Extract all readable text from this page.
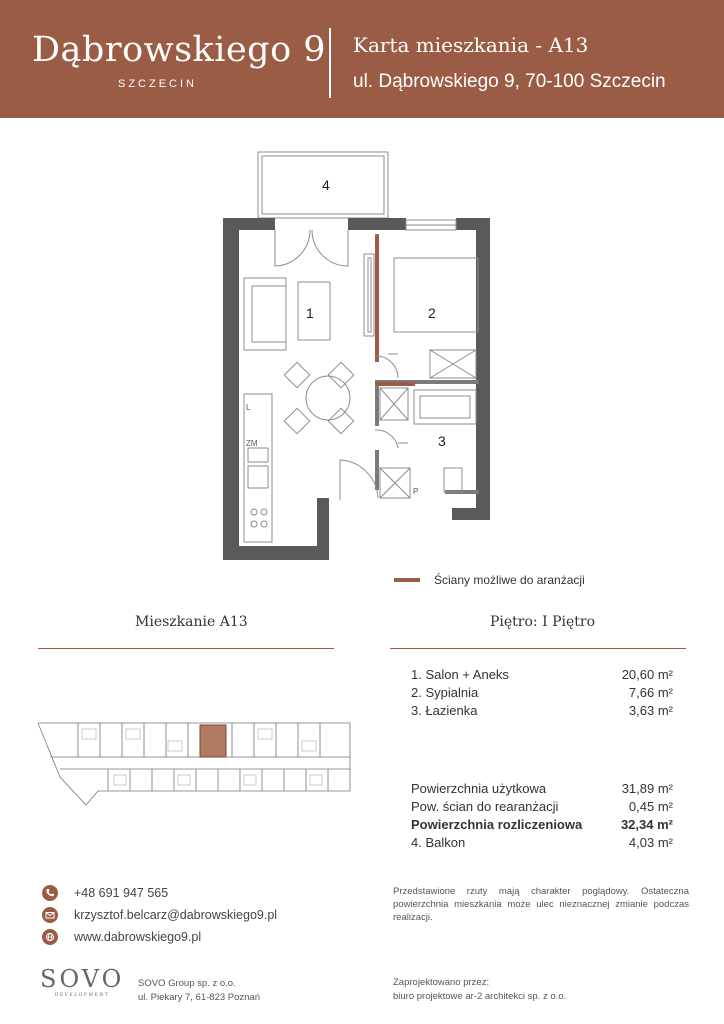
Dąbrowskiego 9
SZCZECIN
Karta mieszkania - A13
ul. Dąbrowskiego 9, 70-100 Szczecin
L
ZM
P
1	2
3
4
Ściany możliwe do aranżacji
Mieszkanie A13	Piętro: I Piętro
1. Salon + Aneks	20,60 m²
2. Sypialnia	7,66 m²
3. Łazienka	3,63 m²
Powierzchnia użytkowa	31,89 m²
Pow. ścian do rearanżacji	0,45 m²
Powierzchnia rozliczeniowa	32,34 m²
4. Balkon	4,03 m²
+48 691 947 565
krzysztof.belcarz@dabrowskiego9.pl
www.dabrowskiego9.pl
Przedstawione rzuty mają charakter poglądowy. Ostateczna powierzchnia mieszkania może ulec nieznacznej zmianie podczas realizacji.
SOVO
DEVELOPMENT
SOVO Group sp. z o.o.
ul. Piekary 7, 61-823 Poznań
Zaprojektowano przez:
biuro projektowe ar-2 architekci sp. z o.o.
